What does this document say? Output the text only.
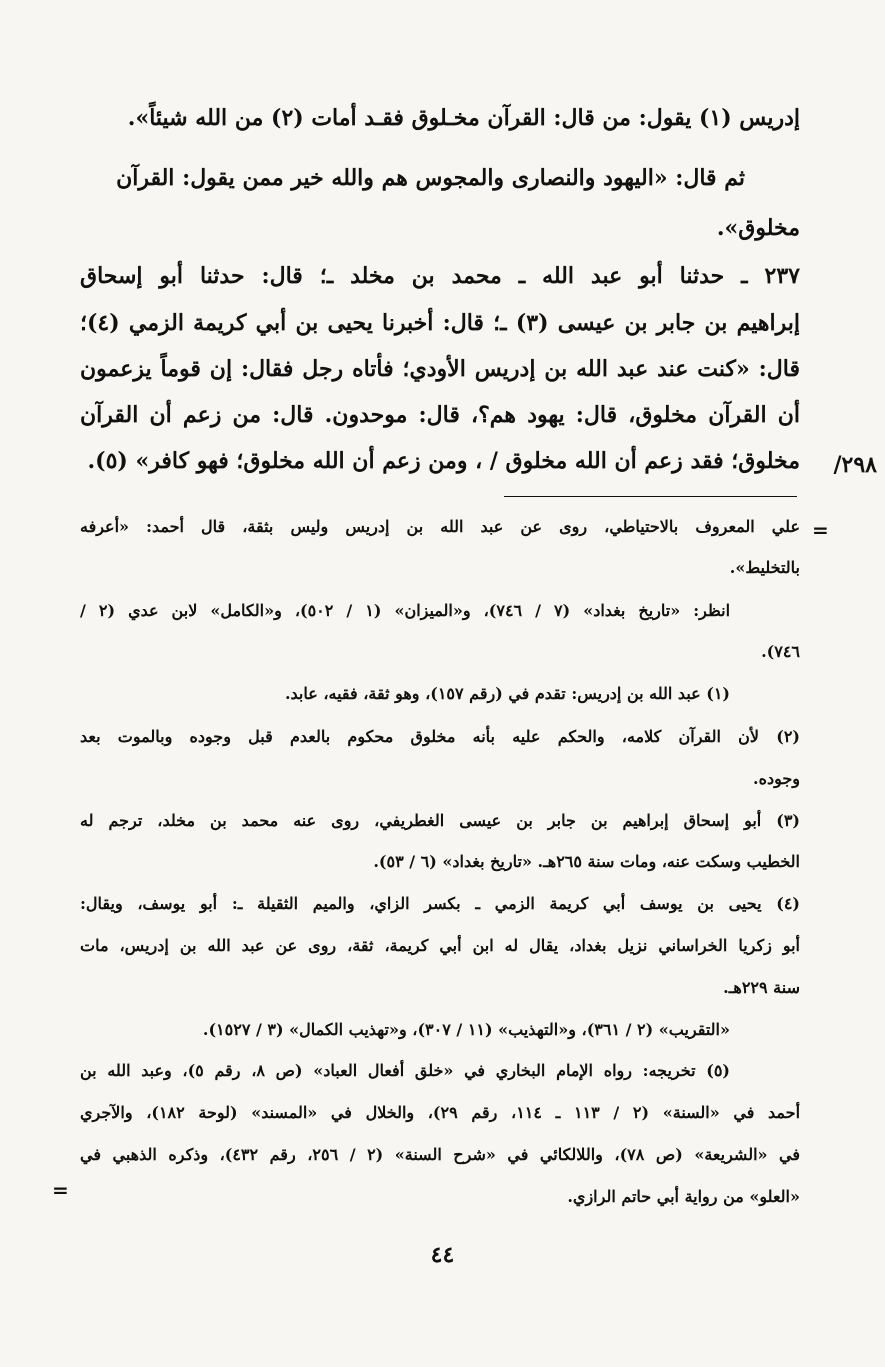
إدريس (١) يقول: من قال: القرآن مخـلوق فقـد أمات (٢) من الله شيئاً».

ثم قال: «اليهود والنصارى والمجوس هم والله خير ممن يقول: القرآن

مخلوق».

٢٣٧ ـ حدثنا أبو عبد الله ـ محمد بن مخلد ـ؛ قال: حدثنا أبو إسحاق

إبراهيم بن جابر بن عيسى (٣) ـ؛ قال: أخبرنا يحيى بن أبي كريمة الزمي (٤)؛

قال: «كنت عند عبد الله بن إدريس الأودي؛ فأتاه رجل فقال: إن قوماً يزعمون

أن القرآن مخلوق، قال: يهود هم؟، قال: موحدون. قال: من زعم أن القرآن

مخلوق؛ فقد زعم أن الله مخلوق / ، ومن زعم أن الله مخلوق؛ فهو كافر» (٥). /٢٩٨
=

علي المعروف بالاحتياطي، روى عن عبد الله بن إدريس وليس بثقة، قال أحمد: «أعرفه

بالتخليط».

انظر: «تاريخ بغداد» (٧ / ٧٤٦)، و«الميزان» (١ / ٥٠٢)، و«الكامل» لابن عدي (٢ /

٧٤٦).

(١) عبد الله بن إدريس: تقدم في (رقم ١٥٧)، وهو ثقة، فقيه، عابد.

(٢) لأن القرآن كلامه، والحكم عليه بأنه مخلوق محكوم بالعدم قبل وجوده وبالموت بعد

وجوده.

(٣) أبو إسحاق إبراهيم بن جابر بن عيسى الغطريفي، روى عنه محمد بن مخلد، ترجم له

الخطيب وسكت عنه، ومات سنة ٢٦٥هـ. «تاريخ بغداد» (٦ / ٥٣).

(٤) يحيى بن يوسف أبي كريمة الزمي ـ بكسر الزاي، والميم الثقيلة ـ: أبو يوسف، ويقال:

أبو زكريا الخراساني نزيل بغداد، يقال له ابن أبي كريمة، ثقة، روى عن عبد الله بن إدريس، مات

سنة ٢٢٩هـ.

«التقريب» (٢ / ٣٦١)، و«التهذيب» (١١ / ٣٠٧)، و«تهذيب الكمال» (٣ / ١٥٢٧).

(٥) تخريجه: رواه الإمام البخاري في «خلق أفعال العباد» (ص ٨، رقم ٥)، وعبد الله بن

أحمد في «السنة» (٢ / ١١٣ ـ ١١٤، رقم ٢٩)، والخلال في «المسند» (لوحة ١٨٢)، والآجري

في «الشريعة» (ص ٧٨)، واللالكائي في «شرح السنة» (٢ / ٢٥٦، رقم ٤٣٢)، وذكره الذهبي في

«العلو» من رواية أبي حاتم الرازي.

=
٤٤
